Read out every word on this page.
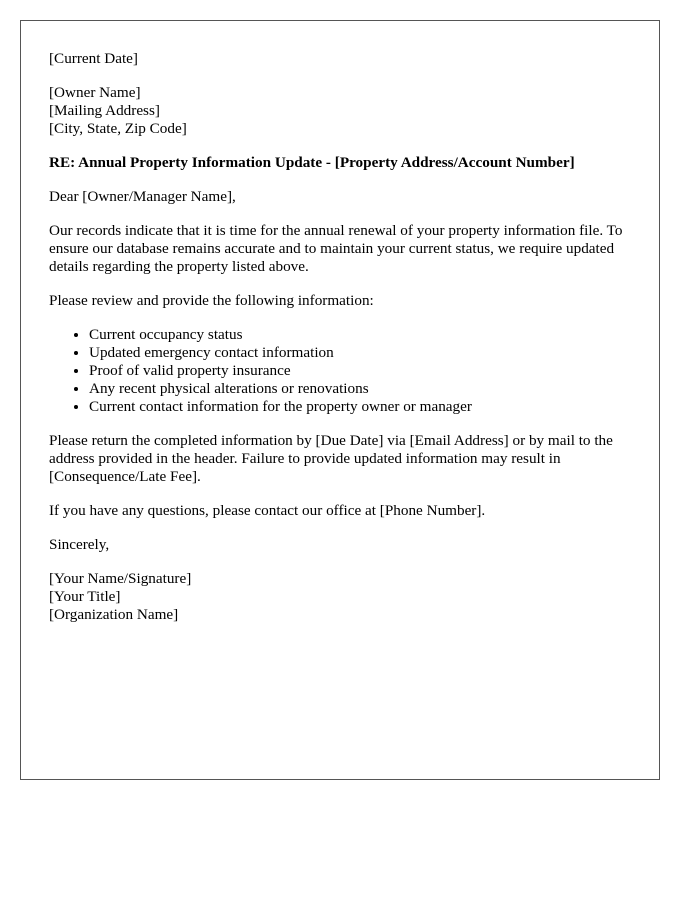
[Current Date]

[Owner Name]
[Mailing Address]
[City, State, Zip Code]

RE: Annual Property Information Update - [Property Address/Account Number]

Dear [Owner/Manager Name],

Our records indicate that it is time for the annual renewal of your property information file. To ensure our database remains accurate and to maintain your current status, we require updated details regarding the property listed above.

Please review and provide the following information:

• Current occupancy status
• Updated emergency contact information
• Proof of valid property insurance
• Any recent physical alterations or renovations
• Current contact information for the property owner or manager

Please return the completed information by [Due Date] via [Email Address] or by mail to the address provided in the header. Failure to provide updated information may result in [Consequence/Late Fee].

If you have any questions, please contact our office at [Phone Number].

Sincerely,

[Your Name/Signature]
[Your Title]
[Organization Name]
